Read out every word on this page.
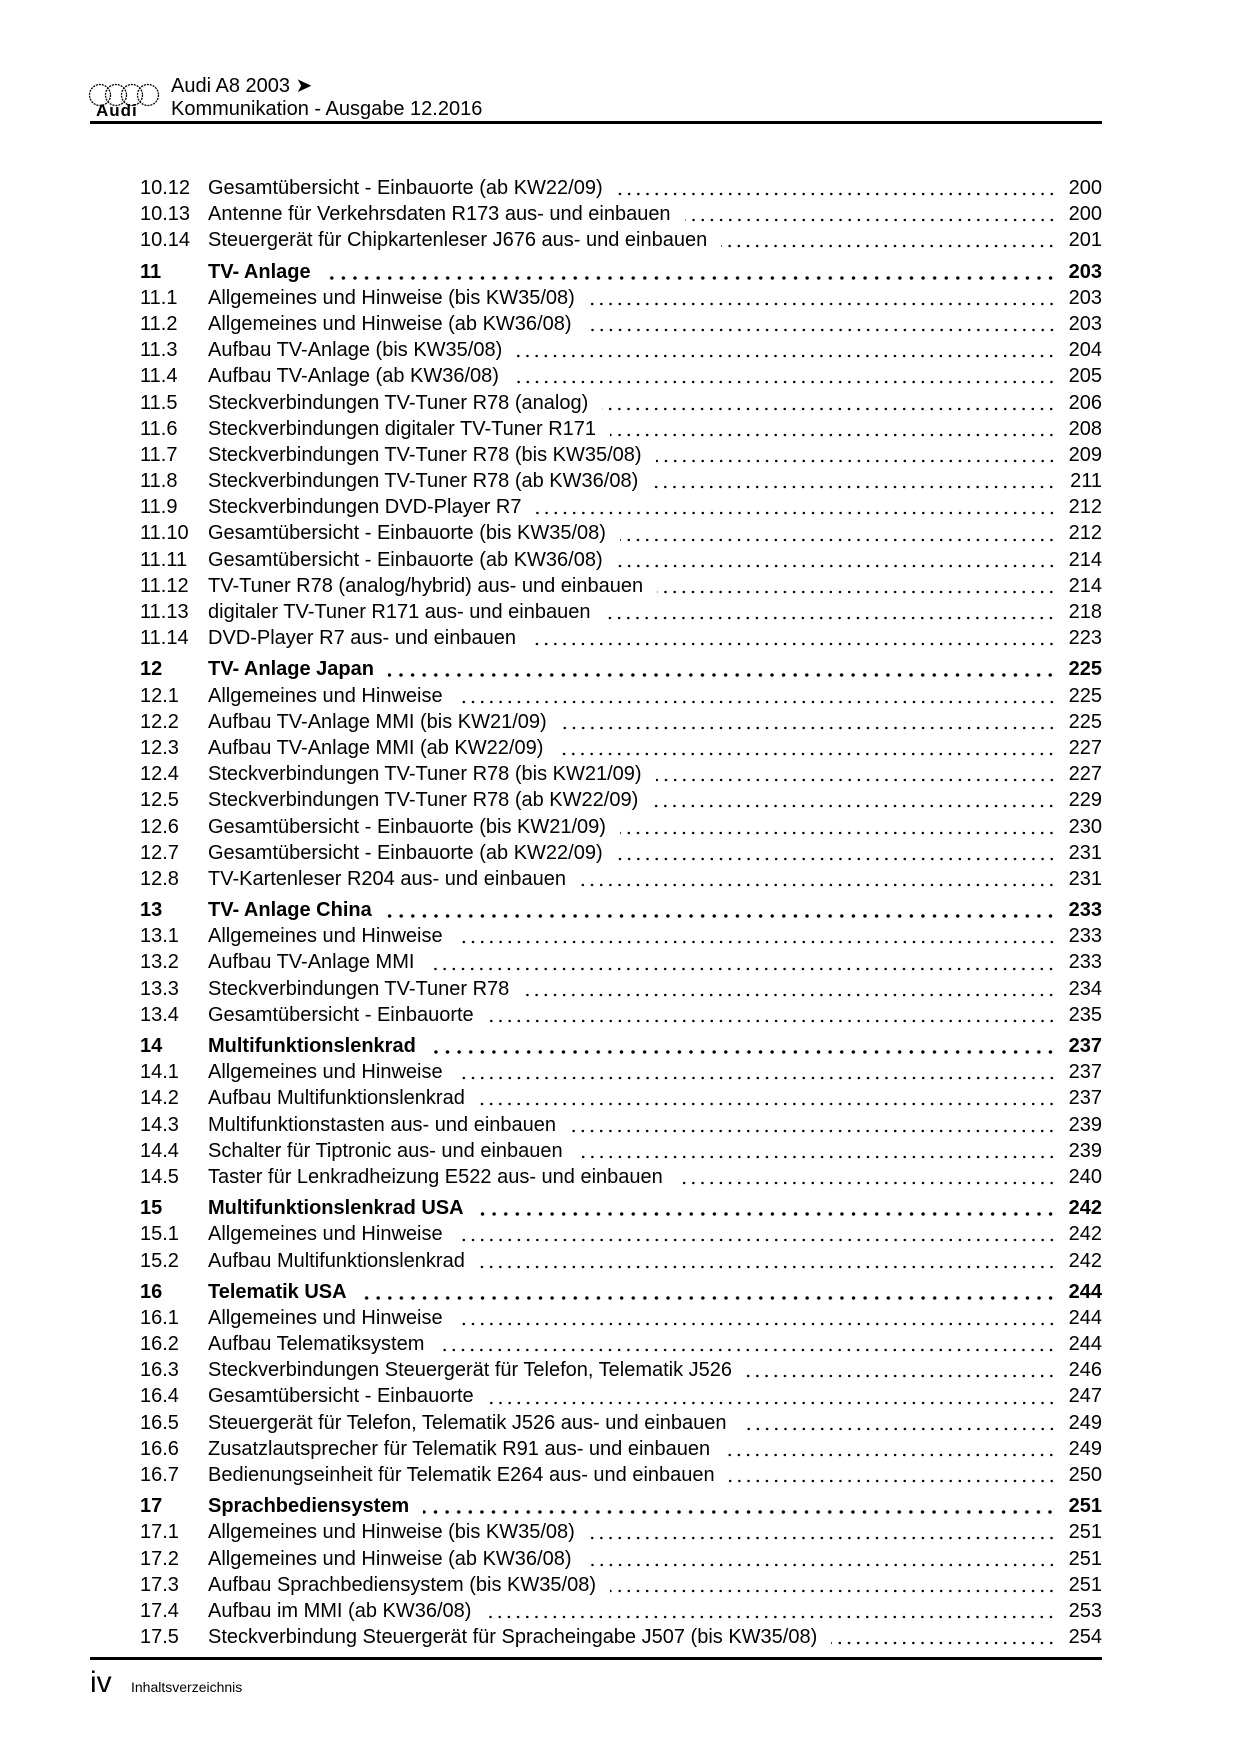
Audi
Audi A8 2003 ➤
Kommunikation - Ausgabe 12.2016
10.12 Gesamtübersicht - Einbauorte (ab KW22/09)	200
10.13 Antenne für Verkehrsdaten R173 aus- und einbauen	200
10.14 Steuergerät für Chipkartenleser J676 aus- und einbauen	201
11	TV- Anlage	203
11.1	Allgemeines und Hinweise (bis KW35/08)	203
11.2	Allgemeines und Hinweise (ab KW36/08)	203
11.3	Aufbau TV-Anlage (bis KW35/08)	204
11.4	Aufbau TV-Anlage (ab KW36/08)	205
11.5	Steckverbindungen TV-Tuner R78 (analog)	206
11.6	Steckverbindungen digitaler TV-Tuner R171	208
11.7	Steckverbindungen TV-Tuner R78 (bis KW35/08)	209
11.8	Steckverbindungen TV-Tuner R78 (ab KW36/08)	211
11.9	Steckverbindungen DVD-Player R7	212
11.10 Gesamtübersicht - Einbauorte (bis KW35/08)	212
11.11	Gesamtübersicht - Einbauorte (ab KW36/08)	214
11.12 TV-Tuner R78 (analog/hybrid) aus- und einbauen	214
11.13 digitaler TV-Tuner R171 aus- und einbauen	218
11.14 DVD-Player R7 aus- und einbauen	223
12	TV- Anlage Japan	225
12.1	Allgemeines und Hinweise	225
12.2	Aufbau TV-Anlage MMI (bis KW21/09)	225
12.3	Aufbau TV-Anlage MMI (ab KW22/09)	227
12.4	Steckverbindungen TV-Tuner R78 (bis KW21/09)	227
12.5	Steckverbindungen TV-Tuner R78 (ab KW22/09)	229
12.6	Gesamtübersicht - Einbauorte (bis KW21/09)	230
12.7	Gesamtübersicht - Einbauorte (ab KW22/09)	231
12.8	TV-Kartenleser R204 aus- und einbauen	231
13	TV- Anlage China	233
13.1	Allgemeines und Hinweise	233
13.2	Aufbau TV-Anlage MMI	233
13.3	Steckverbindungen TV-Tuner R78	234
13.4	Gesamtübersicht - Einbauorte	235
14	Multifunktionslenkrad	237
14.1	Allgemeines und Hinweise	237
14.2	Aufbau Multifunktionslenkrad	237
14.3	Multifunktionstasten aus- und einbauen	239
14.4	Schalter für Tiptronic aus- und einbauen	239
14.5	Taster für Lenkradheizung E522 aus- und einbauen	240
15	Multifunktionslenkrad USA	242
15.1	Allgemeines und Hinweise	242
15.2	Aufbau Multifunktionslenkrad	242
16	Telematik USA	244
16.1	Allgemeines und Hinweise	244
16.2	Aufbau Telematiksystem	244
16.3	Steckverbindungen Steuergerät für Telefon, Telematik J526	246
16.4	Gesamtübersicht - Einbauorte	247
16.5	Steuergerät für Telefon, Telematik J526 aus- und einbauen	249
16.6	Zusatzlautsprecher für Telematik R91 aus- und einbauen	249
16.7	Bedienungseinheit für Telematik E264 aus- und einbauen	250
17	Sprachbediensystem	251
17.1	Allgemeines und Hinweise (bis KW35/08)	251
17.2	Allgemeines und Hinweise (ab KW36/08)	251
17.3	Aufbau Sprachbediensystem (bis KW35/08)	251
17.4	Aufbau im MMI (ab KW36/08)	253
17.5	Steckverbindung Steuergerät für Spracheingabe J507 (bis KW35/08)	254
iv Inhaltsverzeichnis
